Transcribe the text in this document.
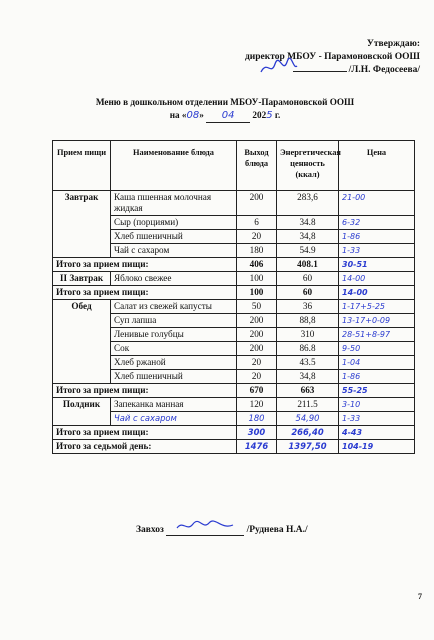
Утверждаю:
директор МБОУ - Парамоновской ООШ
/Л.Н. Федосеева/
Меню в дошкольном отделении МБОУ-Парамоновской ООШ
на «08» 04 2025 г.
Прием пищи	Наименование блюда	Выход блюда	Энергетическая ценность (ккал)	Цена
Завтрак	Каша пшенная молочная жидкая	200	283,6	21-00
	Сыр (порциями)	6	34.8	6-32
	Хлеб пшеничный	20	34,8	1-86
	Чай с сахаром	180	54.9	1-33
Итого за прием пищи:		406	408.1	30-51
II Завтрак	Яблоко свежее	100	60	14-00
Итого за прием пищи:		100	60	14-00
Обед	Салат из свежей капусты	50	36	1-17+5-25
	Суп лапша	200	88,8	13-17+0-09
	Ленивые голубцы	200	310	28-51+8-97
	Сок	200	86.8	9-50
	Хлеб ржаной	20	43.5	1-04
	Хлеб пшеничный	20	34,8	1-86
Итого за прием пищи:		670	663	55-25
Полдник	Запеканка манная	120	211.5	3-10
	Чай с сахаром	180	54,90	1-33
Итого за прием пищи:		300	266,40	4-43
Итого за седьмой день:		1476	1397,50	104-19
Завхоз	/Руднева Н.А./
7
